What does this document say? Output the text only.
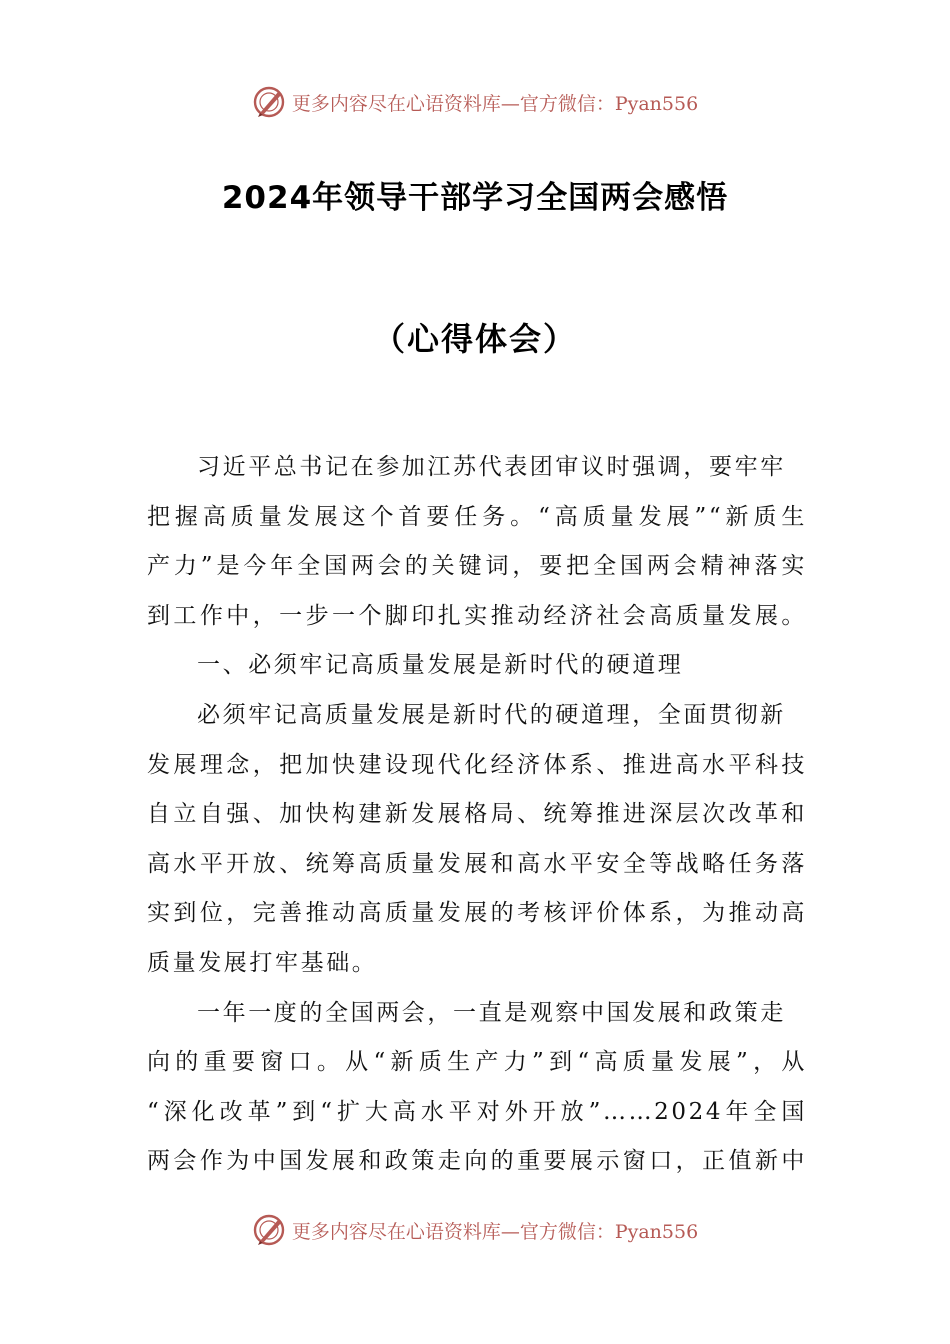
更多内容尽在心语资料库—官方微信：Pyan556
2024年领导干部学习全国两会感悟
（心得体会）
习近平总书记在参加江苏代表团审议时强调，要牢牢
把握高质量发展这个首要任务。“高质量发展”“新质生
产力”是今年全国两会的关键词，要把全国两会精神落实
到工作中，一步一个脚印扎实推动经济社会高质量发展。
一、必须牢记高质量发展是新时代的硬道理
必须牢记高质量发展是新时代的硬道理，全面贯彻新
发展理念，把加快建设现代化经济体系、推进高水平科技
自立自强、加快构建新发展格局、统筹推进深层次改革和
高水平开放、统筹高质量发展和高水平安全等战略任务落
实到位，完善推动高质量发展的考核评价体系，为推动高
质量发展打牢基础。
一年一度的全国两会，一直是观察中国发展和政策走
向的重要窗口。从“新质生产力”到“高质量发展”，从
“深化改革”到“扩大高水平对外开放”……2024年全国
两会作为中国发展和政策走向的重要展示窗口，正值新中
更多内容尽在心语资料库—官方微信：Pyan556
